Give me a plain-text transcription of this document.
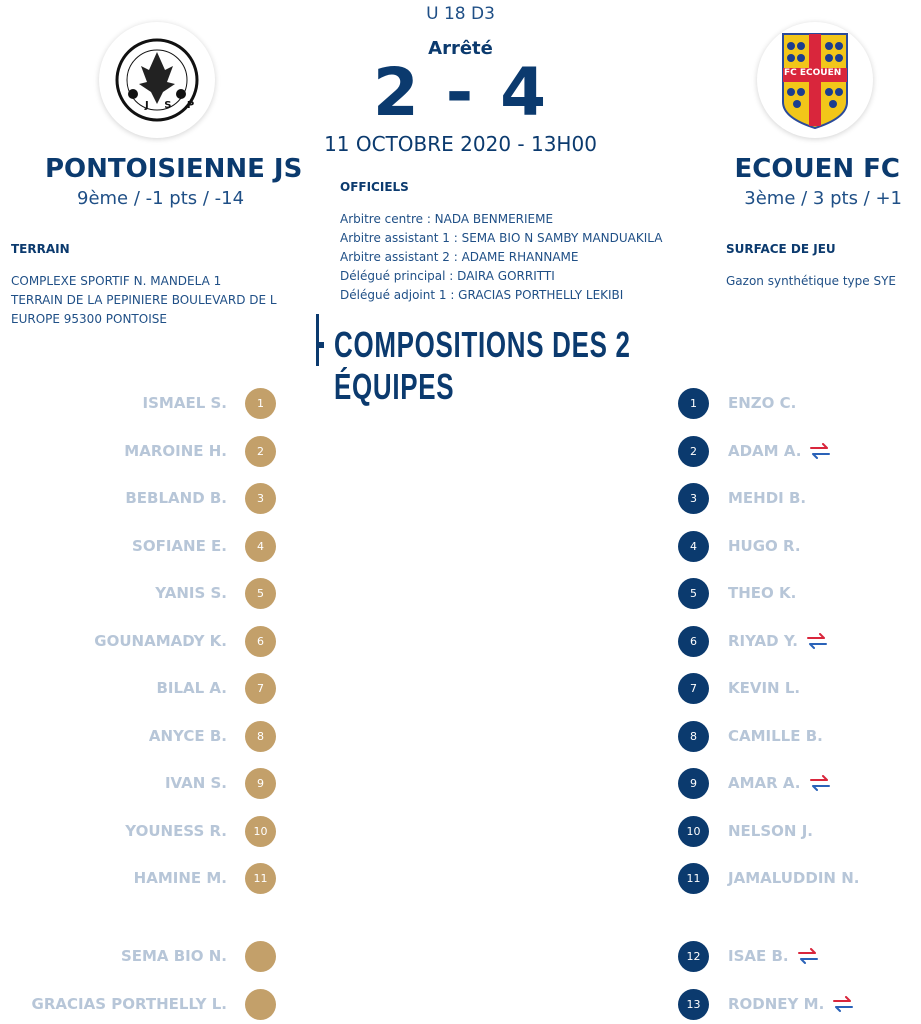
U 18 D3
Arrêté
2 - 4
11 OCTOBRE 2020 - 13H00
J S P
FC ECOUEN
PONTOISIENNE JS
9ème / -1 pts / -14
ECOUEN FC
3ème / 3 pts / +1
OFFICIELS
Arbitre centre : NADA BENMERIEME
Arbitre assistant 1 : SEMA BIO N SAMBY MANDUAKILA
Arbitre assistant 2 : ADAME RHANNAME
Délégué principal : DAIRA GORRITTI
Délégué adjoint 1 : GRACIAS PORTHELLY LEKIBI
TERRAIN
COMPLEXE SPORTIF N. MANDELA 1
TERRAIN DE LA PEPINIERE BOULEVARD DE L
EUROPE 95300 PONTOISE
SURFACE DE JEU
Gazon synthétique type SYE
COMPOSITIONS DES 2 ÉQUIPES
ISMAEL S.	1
MAROINE H.	2
BEBLAND B.	3
SOFIANE E.	4
YANIS S.	5
GOUNAMADY K.	6
BILAL A.	7
ANYCE B.	8
IVAN S.	9
YOUNESS R.	10
HAMINE M.	11
SEMA BIO N.
GRACIAS PORTHELLY L.
1	ENZO C.
2	ADAM A.
3	MEHDI B.
4	HUGO R.
5	THEO K.
6	RIYAD Y.
7	KEVIN L.
8	CAMILLE B.
9	AMAR A.
10	NELSON J.
11	JAMALUDDIN N.
12	ISAE B.
13	RODNEY M.
